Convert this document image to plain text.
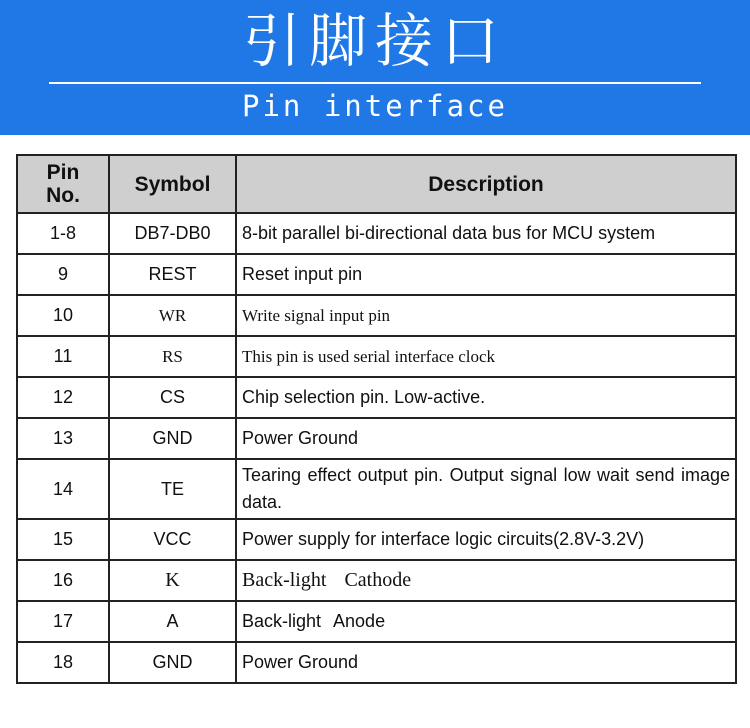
引脚接口
Pin interface
Pin
No.	Symbol	Description
1-8	DB7-DB0	8-bit parallel bi-directional data bus for MCU system
9	REST	Reset input pin
10	WR	Write signal input pin
11	RS	This pin is used serial interface clock
12	CS	Chip selection pin. Low-active.
13	GND	Power Ground
14	TE	Tearing effect output pin. Output signal low wait send image data.
15	VCC	Power supply for interface logic circuits(2.8V-3.2V)
16	K	Back-light Cathode
17	A	Back-light Anode
18	GND	Power Ground
